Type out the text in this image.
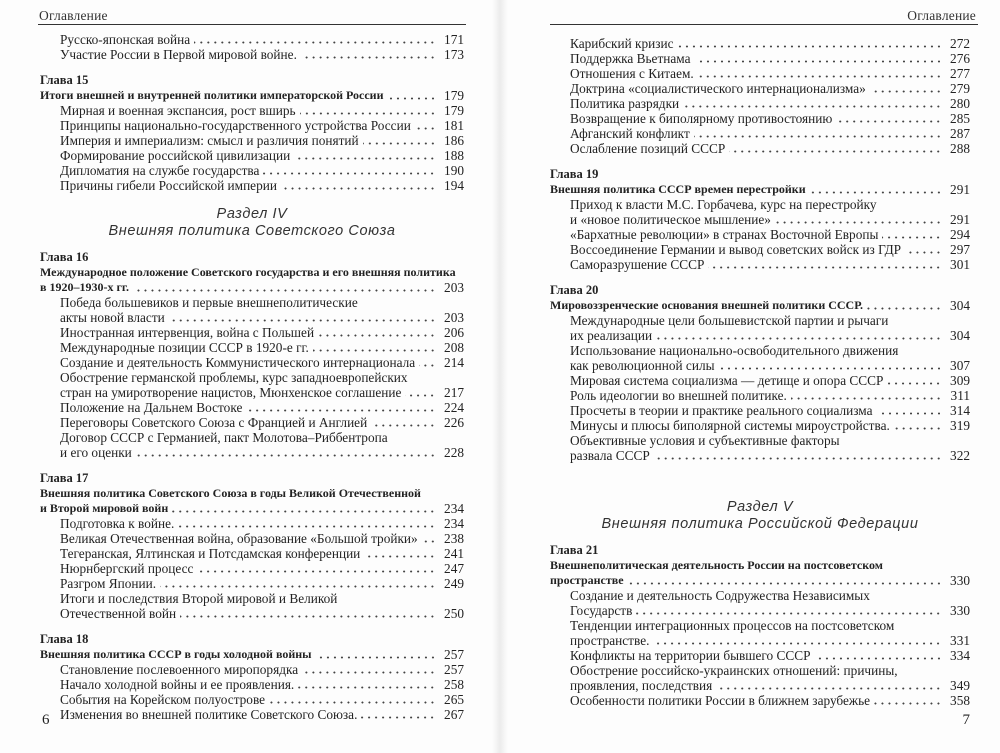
Оглавление
Русско-японская война	171
Участие России в Первой мировой войне.	173
Глава 15
Итоги внешней и внутренней политики императорской России	179
Мирная и военная экспансия, рост вширь	179
Принципы национально-государственного устройства России 181
Империя и империализм: смысл и различия понятий	186
Формирование российской цивилизации	188
Дипломатия на службе государства	190
Причины гибели Российской империи	194
Раздел IV
Внешняя политика Советского Союза
Глава 16
Международное положение Советского государства и его внешняя политика
в 1920–1930-х гг.	203
Победа большевиков и первые внешнеполитические
акты новой власти	203
Иностранная интервенция, война с Польшей	206
Международные позиции СССР в 1920-е гг.	208
Создание и деятельность Коммунистического интернационала 214
Обострение германской проблемы, курс западноевропейских
стран на умиротворение нацистов, Мюнхенское соглашение	217
Положение на Дальнем Востоке	224
Переговоры Советского Союза с Францией и Англией	226
Договор СССР с Германией, пакт Молотова–Риббентропа
и его оценки	228
Глава 17
Внешняя политика Советского Союза в годы Великой Отечественной
и Второй мировой войн	234
Подготовка к войне.	234
Великая Отечественная война, образование «Большой тройки» 238
Тегеранская, Ялтинская и Потсдамская конференции	241
Нюрнбергский процесс	247
Разгром Японии.	249
Итоги и последствия Второй мировой и Великой
Отечественной войн	250
Глава 18
Внешняя политика СССР в годы холодной войны	257
Становление послевоенного миропорядка	257
Начало холодной войны и ее проявления.	258
События на Корейском полуострове	265
Изменения во внешней политике Советского Союза.	267
6
Оглавление
Карибский кризис	272
Поддержка Вьетнама	276
Отношения с Китаем.	277
Доктрина «социалистического интернационализма»	279
Политика разрядки	280
Возвращение к биполярному противостоянию	285
Афганский конфликт	287
Ослабление позиций СССР	288
Глава 19
Внешняя политика СССР времен перестройки	291
Приход к власти М.С. Горбачева, курс на перестройку
и «новое политическое мышление»	291
«Бархатные революции» в странах Восточной Европы	294
Воссоединение Германии и вывод советских войск из ГДР	297
Саморазрушение СССР	301
Глава 20
Мировоззренческие основания внешней политики СССР.	304
Международные цели большевистской партии и рычаги
их реализации	304
Использование национально-освободительного движения
как революционной силы	307
Мировая система социализма — детище и опора СССР	309
Роль идеологии во внешней политике.	311
Просчеты в теории и практике реального социализма	314
Минусы и плюсы биполярной системы мироустройства.	319
Объективные условия и субъективные факторы
развала СССР	322
Раздел V
Внешняя политика Российской Федерации
Глава 21
Внешнеполитическая деятельность России на постсоветском
пространстве	330
Создание и деятельность Содружества Независимых
Государств	330
Тенденции интеграционных процессов на постсоветском
пространстве.	331
Конфликты на территории бывшего СССР	334
Обострение российско-украинских отношений: причины,
проявления, последствия	349
Особенности политики России в ближнем зарубежье	358
7
